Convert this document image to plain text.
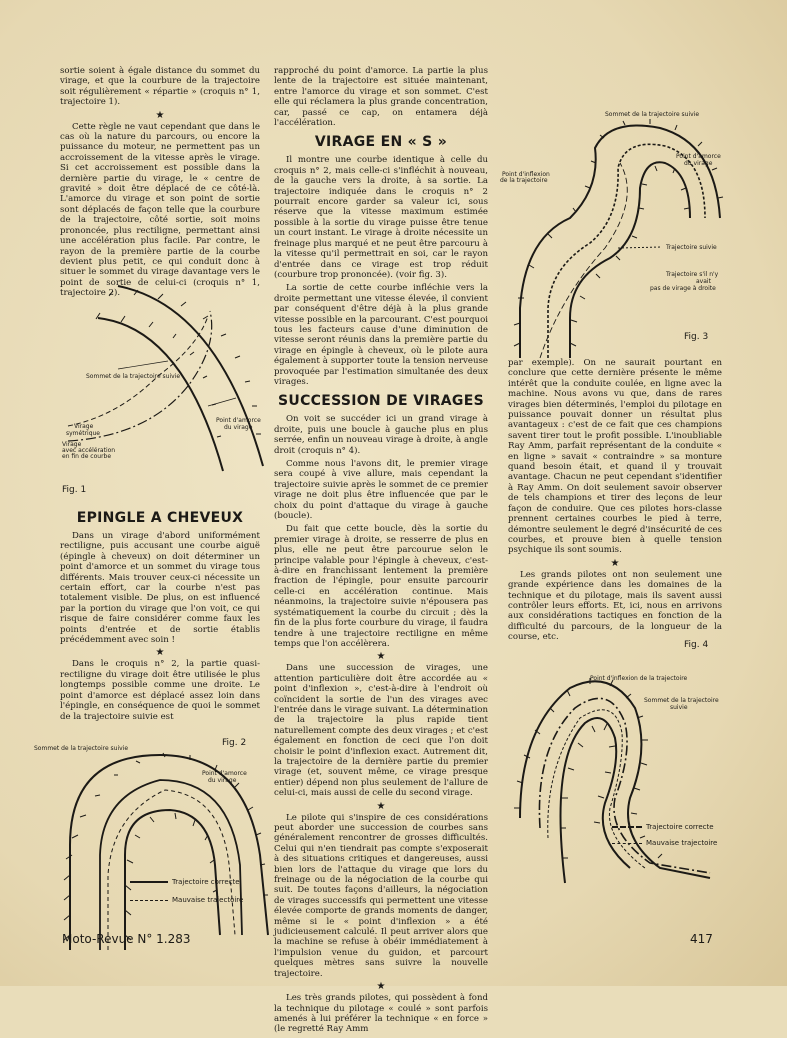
sortie soient à égale distance du sommet du virage, et que la courbure de la trajectoire soit régulièrement « répartie » (croquis n° 1, trajectoire 1).

★

Cette règle ne vaut cependant que dans le cas où la nature du parcours, ou encore la puissance du moteur, ne permettent pas un accroissement de la vitesse après le virage. Si cet accroissement est possible dans la dernière partie du virage, le « centre de gravité » doit être déplacé de ce côté-là. L'amorce du virage et son point de sortie sont déplacés de façon telle que la courbure de la trajectoire, côté sortie, soit moins prononcée, plus rectiligne, permettant ainsi une accélération plus facile. Par contre, le rayon de la première partie de la courbe devient plus petit, ce qui conduit donc à situer le sommet du virage davantage vers le point de sortie de celui-ci (croquis n° 1, trajectoire 2).

Sommet de la trajectoire suivie
Point d'amorce
du virage
Virage
symétrique
Virage
avec accélération
en fin de courbe
Fig. 1
EPINGLE A CHEVEUX

Dans un virage d'abord uniformément rectiligne, puis accusant une courbe aiguë (épingle à cheveux) on doit déterminer un point d'amorce et un sommet du virage tous différents. Mais trouver ceux-ci nécessite un certain effort, car la courbe n'est pas totalement visible. De plus, on est influencé par la portion du virage que l'on voit, ce qui risque de faire considérer comme faux les points d'entrée et de sortie établis précédemment avec soin !

★

Dans le croquis n° 2, la partie quasi-rectiligne du virage doit être utilisée le plus longtemps possible comme une droite. Le point d'amorce est déplacé assez loin dans l'épingle, en conséquence de quoi le sommet de la trajectoire suivie est

Sommet de la trajectoire suivie
Point d'amorce
du virage
Fig. 2
Trajectoire correcte
Mauvaise trajectoire

rapproché du point d'amorce. La partie la plus lente de la trajectoire est située maintenant, entre l'amorce du virage et son sommet. C'est elle qui réclamera la plus grande concentration, car, passé ce cap, on entamera déjà l'accélération.

VIRAGE EN « S »

Il montre une courbe identique à celle du croquis n° 2, mais celle-ci s'infléchit à nouveau, de la gauche vers la droite, à sa sortie. La trajectoire indiquée dans le croquis n° 2 pourrait encore garder sa valeur ici, sous réserve que la vitesse maximum estimée possible à la sortie du virage puisse être tenue un court instant. Le virage à droite nécessite un freinage plus marqué et ne peut être parcouru à la vitesse qu'il permettrait en soi, car le rayon d'entrée dans ce virage est trop réduit (courbure trop prononcée). (voir fig. 3).

La sortie de cette courbe infléchie vers la droite permettant une vitesse élevée, il convient par conséquent d'être déjà à la plus grande vitesse possible en la parcourant. C'est pourquoi tous les facteurs cause d'une diminution de vitesse seront réunis dans la première partie du virage en épingle à cheveux, où le pilote aura également à supporter toute la tension nerveuse provoquée par l'estimation simultanée des deux virages.

SUCCESSION DE VIRAGES

On voit se succéder ici un grand virage à droite, puis une boucle à gauche plus en plus serrée, enfin un nouveau virage à droite, à angle droit (croquis n° 4).

Comme nous l'avons dit, le premier virage sera coupé à vive allure, mais cependant la trajectoire suivie après le sommet de ce premier virage ne doit plus être influencée que par le choix du point d'attaque du virage à gauche (boucle).

Du fait que cette boucle, dès la sortie du premier virage à droite, se resserre de plus en plus, elle ne peut être parcourue selon le principe valable pour l'épingle à cheveux, c'est-à-dire en franchissant lentement la première fraction de l'épingle, pour ensuite parcourir celle-ci en accélération continue. Mais néanmoins, la trajectoire suivie n'épousera pas systématiquement la courbe du circuit ; dès la fin de la plus forte courbure du virage, il faudra tendre à une trajectoire rectiligne en même temps que l'on accélèrera.

★

Dans une succession de virages, une attention particulière doit être accordée au « point d'inflexion », c'est-à-dire à l'endroit où coïncident la sortie de l'un des virages avec l'entrée dans le virage suivant. La détermination de la trajectoire la plus rapide tient naturellement compte des deux virages ; et c'est également en fonction de ceci que l'on doit choisir le point d'inflexion exact. Autrement dit, la trajectoire de la dernière partie du premier virage (et, souvent même, ce virage presque entier) dépend non plus seulement de l'allure de celui-ci, mais aussi de celle du second virage.

★

Le pilote qui s'inspire de ces considérations peut aborder une succession de courbes sans généralement rencontrer de grosses difficultés. Celui qui n'en tiendrait pas compte s'exposerait à des situations critiques et dangereuses, aussi bien lors de l'attaque du virage que lors du freinage ou de la négociation de la courbe qui suit. De toutes façons d'ailleurs, la négociation de virages successifs qui permettent une vitesse élevée comporte de grands moments de danger, même si le « point d'inflexion » a été judicieusement calculé. Il peut arriver alors que la machine se refuse à obéir immédiatement à l'impulsion venue du guidon, et parcourt quelques mètres sans suivre la nouvelle trajectoire.

★

Les très grands pilotes, qui possèdent à fond la technique du pilotage « coulé » sont parfois amenés à lui préférer la technique « en force » (le regretté Ray Amm

Sommet de la trajectoire suivie
Point d'amorce
du virage
Point d'inflexion
de la trajectoire
Trajectoire suivie
Trajectoire s'il n'y
avait
pas de virage à droite
Fig. 3

par exemple). On ne saurait pourtant en conclure que cette dernière présente le même intérêt que la conduite coulée, en ligne avec la machine. Nous avons vu que, dans de rares virages bien déterminés, l'emploi du pilotage en puissance pouvait donner un résultat plus avantageux : c'est de ce fait que ces champions savent tirer tout le profit possible. L'inoubliable Ray Amm, parfait représentant de la conduite « en ligne » savait « contraindre » sa monture quand besoin était, et quand il y trouvait avantage. Chacun ne peut cependant s'identifier à Ray Amm. On doit seulement savoir observer de tels champions et tirer des leçons de leur façon de conduire. Que ces pilotes hors-classe prennent certaines courbes le pied à terre, démontre seulement le degré d'insécurité de ces courbes, et prouve bien à quelle tension psychique ils sont soumis.

★

Les grands pilotes ont non seulement une grande expérience dans les domaines de la technique et du pilotage, mais ils savent aussi contrôler leurs efforts. Et, ici, nous en arrivons aux considérations tactiques en fonction de la difficulté du parcours, de la longueur de la course, etc.

Fig. 4
Point d'inflexion de la trajectoire
Sommet de la trajectoire
suivie
Trajectoire correcte
Mauvaise trajectoire
Moto-Revue N° 1.283	417
